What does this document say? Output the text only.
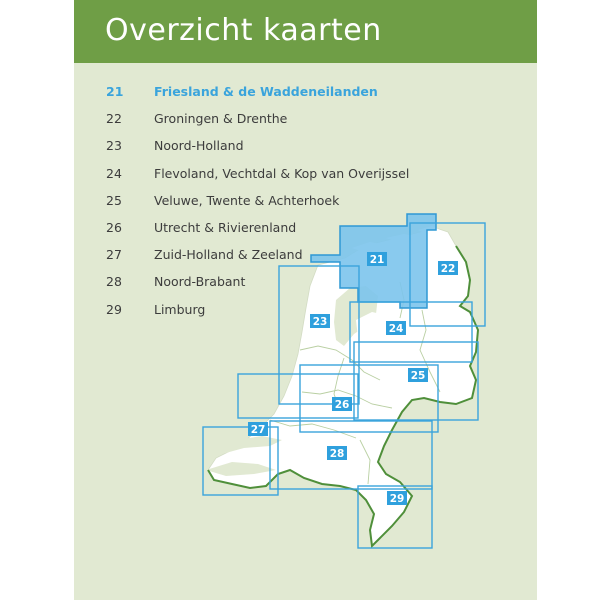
Overzicht kaarten
21 Friesland & de Waddeneilanden
22	Groningen & Drenthe
23	Noord-Holland
24	Flevoland, Vechtdal & Kop van Overijssel
25	Veluwe, Twente & Achterhoek
26	Utrecht & Rivierenland
27	Zuid-Holland & Zeeland
28	Noord-Brabant
29	Limburg
21
22
23
24
25
26
27
28
29
